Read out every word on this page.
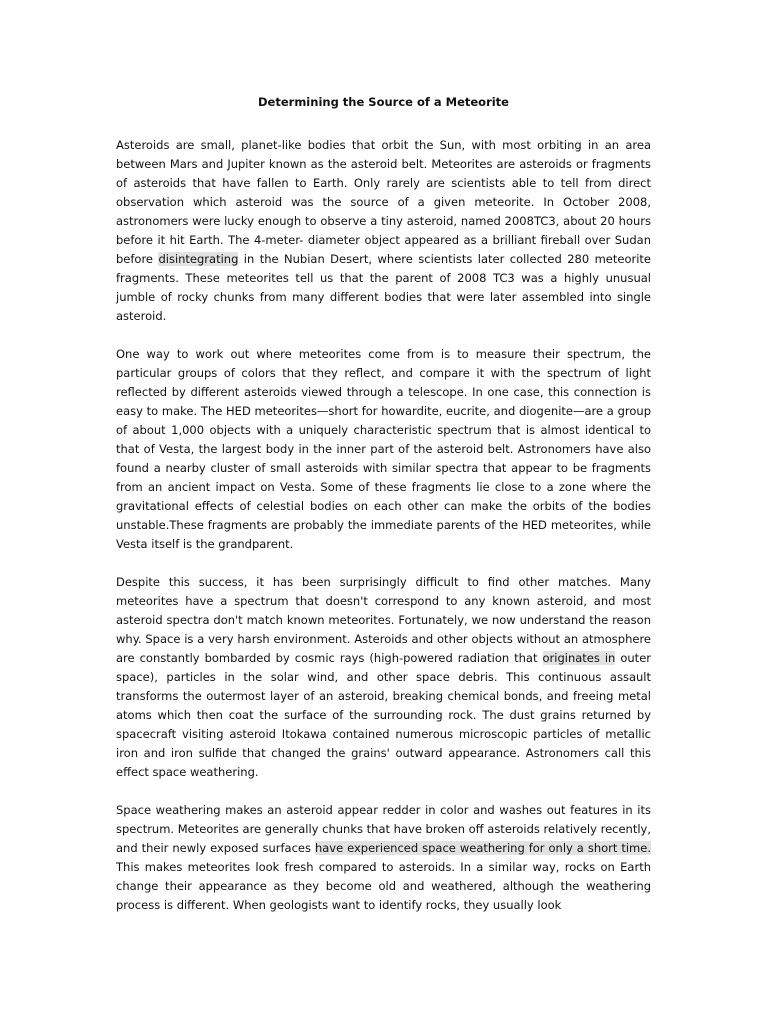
Determining the Source of a Meteorite

Asteroids are small, planet-like bodies that orbit the Sun, with most orbiting in an area between Mars and Jupiter known as the asteroid belt. Meteorites are asteroids or fragments of asteroids that have fallen to Earth. Only rarely are scientists able to tell from direct observation which asteroid was the source of a given meteorite. In October 2008, astronomers were lucky enough to observe a tiny asteroid, named 2008TC3, about 20 hours before it hit Earth. The 4-meter- diameter object appeared as a brilliant fireball over Sudan before disintegrating in the Nubian Desert, where scientists later collected 280 meteorite fragments. These meteorites tell us that the parent of 2008 TC3 was a highly unusual jumble of rocky chunks from many different bodies that were later assembled into single asteroid.

One way to work out where meteorites come from is to measure their spectrum, the particular groups of colors that they reflect, and compare it with the spectrum of light reflected by different asteroids viewed through a telescope. In one case, this connection is easy to make. The HED meteorites—short for howardite, eucrite, and diogenite—are a group of about 1,000 objects with a uniquely characteristic spectrum that is almost identical to that of Vesta, the largest body in the inner part of the asteroid belt. Astronomers have also found a nearby cluster of small asteroids with similar spectra that appear to be fragments from an ancient impact on Vesta. Some of these fragments lie close to a zone where the gravitational effects of celestial bodies on each other can make the orbits of the bodies unstable.These fragments are probably the immediate parents of the HED meteorites, while Vesta itself is the grandparent.

Despite this success, it has been surprisingly difficult to find other matches. Many meteorites have a spectrum that doesn't correspond to any known asteroid, and most asteroid spectra don't match known meteorites. Fortunately, we now understand the reason why. Space is a very harsh environment. Asteroids and other objects without an atmosphere are constantly bombarded by cosmic rays (high-powered radiation that originates in outer space), particles in the solar wind, and other space debris. This continuous assault transforms the outermost layer of an asteroid, breaking chemical bonds, and freeing metal atoms which then coat the surface of the surrounding rock. The dust grains returned by spacecraft visiting asteroid Itokawa contained numerous microscopic particles of metallic iron and iron sulfide that changed the grains' outward appearance. Astronomers call this effect space weathering.

Space weathering makes an asteroid appear redder in color and washes out features in its spectrum. Meteorites are generally chunks that have broken off asteroids relatively recently, and their newly exposed surfaces have experienced space weathering for only a short time. This makes meteorites look fresh compared to asteroids. In a similar way, rocks on Earth change their appearance as they become old and weathered, although the weathering process is different. When geologists want to identify rocks, they usually look
